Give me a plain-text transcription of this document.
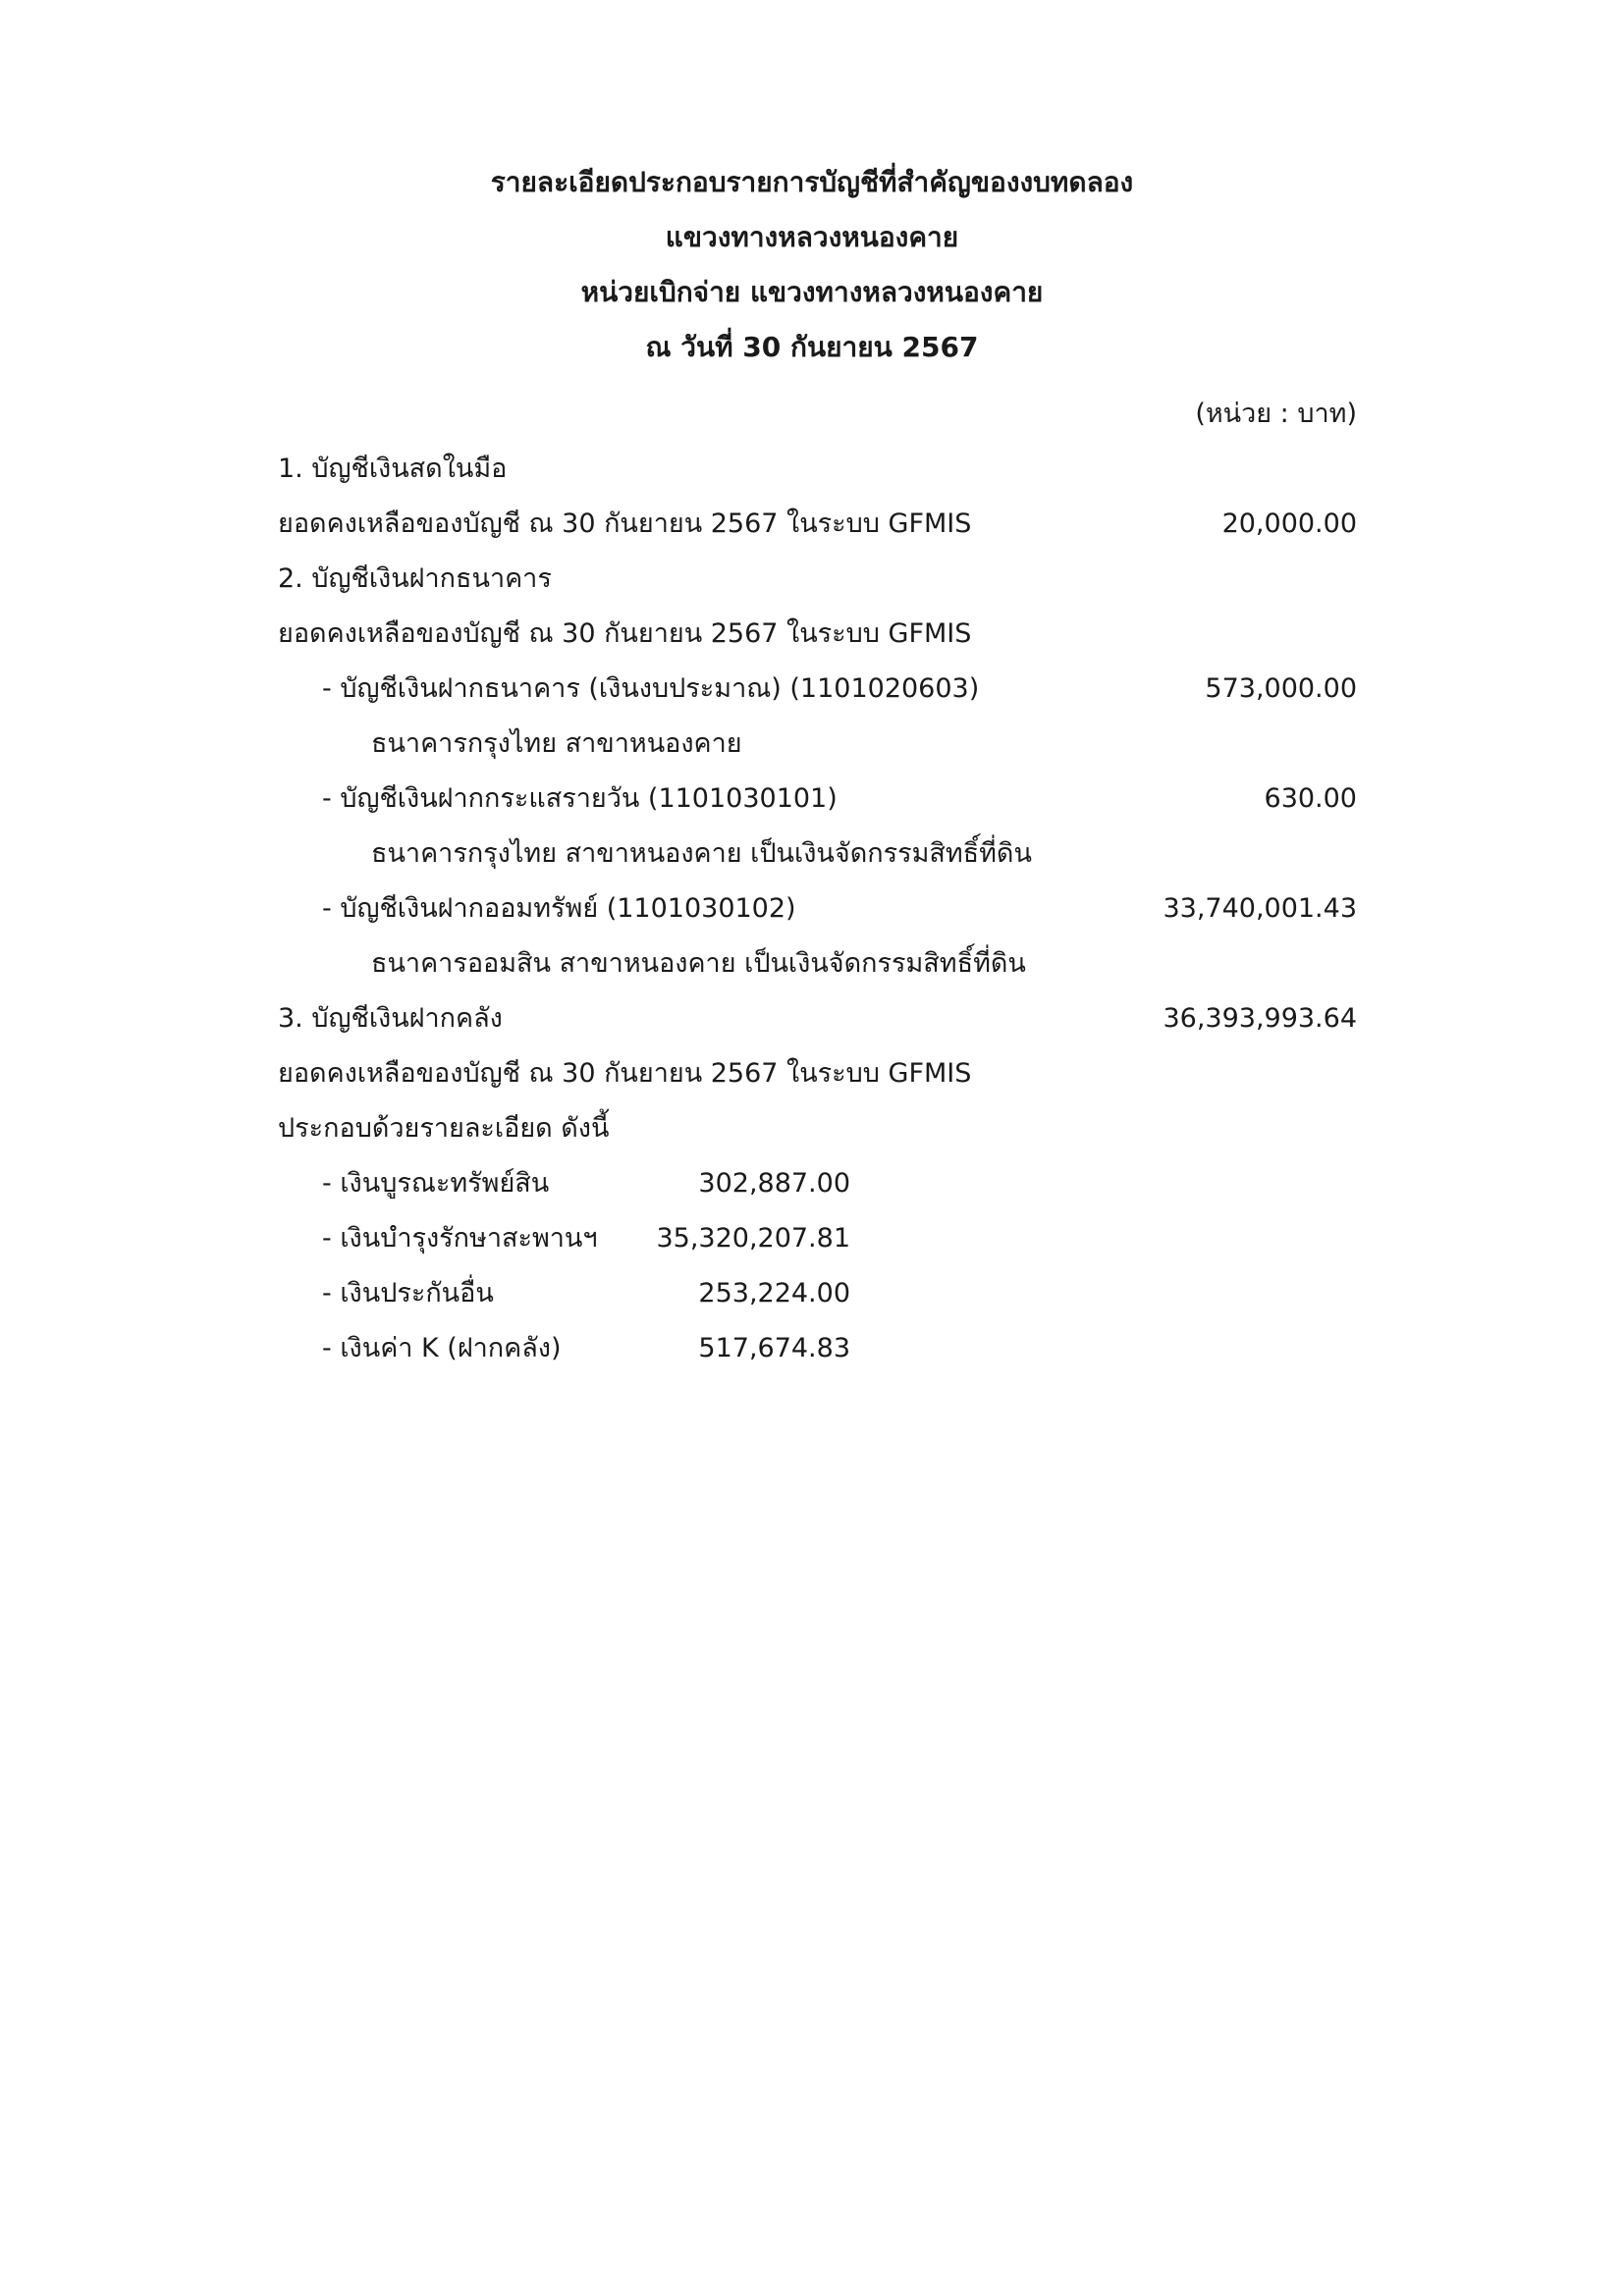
รายละเอียดประกอบรายการบัญชีที่สำคัญของงบทดลอง
แขวงทางหลวงหนองคาย
หน่วยเบิกจ่าย แขวงทางหลวงหนองคาย
ณ วันที่ 30 กันยายน 2567
(หน่วย : บาท)
1. บัญชีเงินสดในมือ
ยอดคงเหลือของบัญชี ณ 30 กันยายน 2567 ในระบบ GFMIS	20,000.00
2. บัญชีเงินฝากธนาคาร
ยอดคงเหลือของบัญชี ณ 30 กันยายน 2567 ในระบบ GFMIS
- บัญชีเงินฝากธนาคาร (เงินงบประมาณ) (1101020603)	573,000.00
ธนาคารกรุงไทย สาขาหนองคาย
- บัญชีเงินฝากกระแสรายวัน (1101030101)	630.00
ธนาคารกรุงไทย สาขาหนองคาย เป็นเงินจัดกรรมสิทธิ์ที่ดิน
- บัญชีเงินฝากออมทรัพย์ (1101030102)	33,740,001.43
ธนาคารออมสิน สาขาหนองคาย เป็นเงินจัดกรรมสิทธิ์ที่ดิน
3. บัญชีเงินฝากคลัง	36,393,993.64
ยอดคงเหลือของบัญชี ณ 30 กันยายน 2567 ในระบบ GFMIS
ประกอบด้วยรายละเอียด ดังนี้
- เงินบูรณะทรัพย์สิน	302,887.00
- เงินบำรุงรักษาสะพานฯ 35,320,207.81
- เงินประกันอื่น	253,224.00
- เงินค่า K (ฝากคลัง)	517,674.83
